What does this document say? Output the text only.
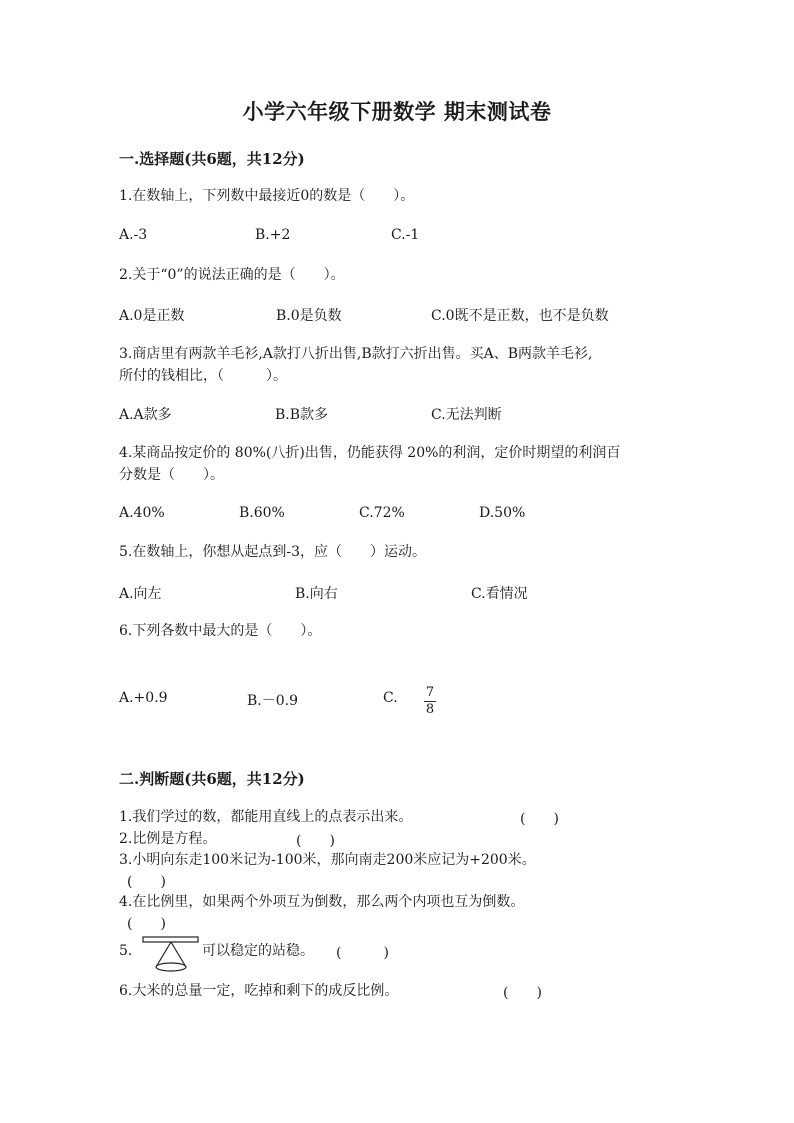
小学六年级下册数学 期末测试卷
一.选择题(共6题，共12分)
1.在数轴上，下列数中最接近0的数是（　　）。
A.-3	B.+2	C.-1
2.关于“0”的说法正确的是（　　）。
A.0是正数	B.0是负数	C.0既不是正数，也不是负数
3.商店里有两款羊毛衫,A款打八折出售,B款打六折出售。买A、B两款羊毛衫,
所付的钱相比，（　　　）。
A.A款多	B.B款多	C.无法判断
4.某商品按定价的 80%(八折)出售，仍能获得 20%的利润，定价时期望的利润百
分数是（　　）。
A.40%	B.60%	C.72%	D.50%
5.在数轴上，你想从起点到-3，应（　　）运动。
A.向左	B.向右	C.看情况
6.下列各数中最大的是（　　）。
A.+0.9	B.－0.9	C. 7
8
二.判断题(共6题，共12分)
1.我们学过的数，都能用直线上的点表示出来。	(　　)
2.比例是方程。	(　　)
3.小明向东走100米记为-100米，那向南走200米应记为+200米。
(　　)
4.在比例里，如果两个外项互为倒数，那么两个内项也互为倒数。
(　　)
5.	可以稳定的站稳。 (　　　)
6.大米的总量一定，吃掉和剩下的成反比例。	(　　)
